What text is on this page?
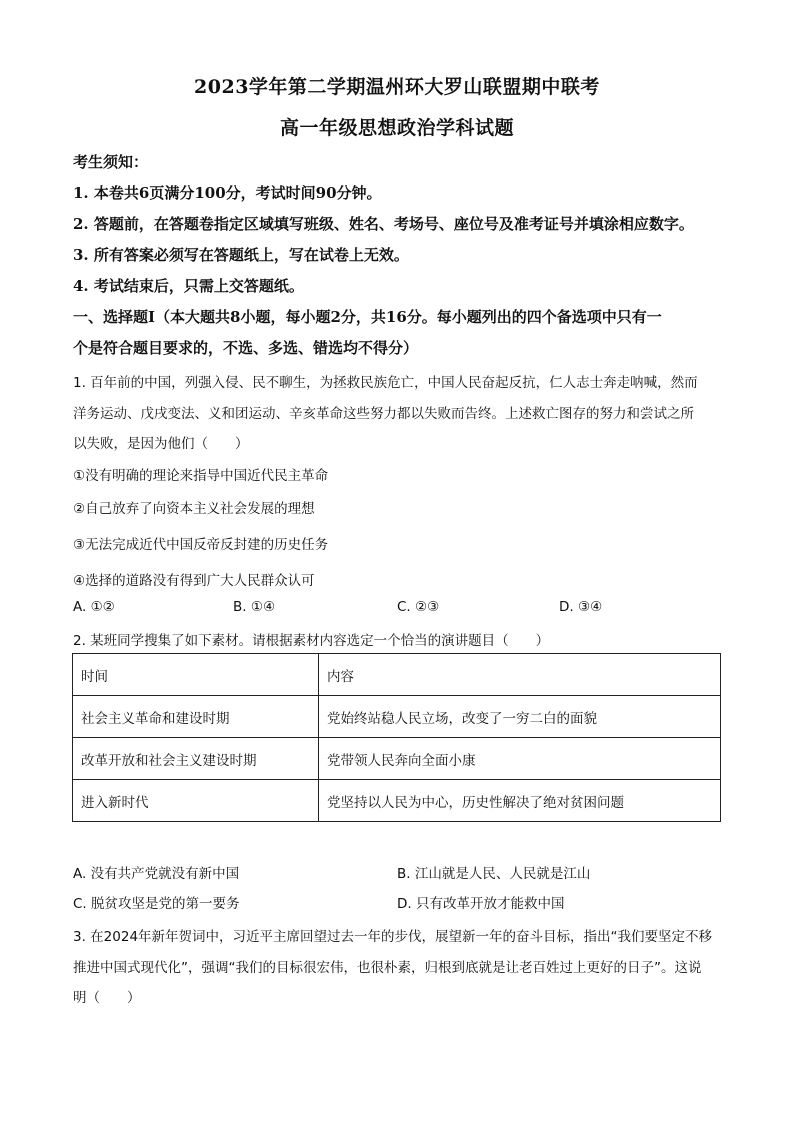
2023学年第二学期温州环大罗山联盟期中联考
高一年级思想政治学科试题
考生须知：
1. 本卷共6页满分100分，考试时间90分钟。
2. 答题前，在答题卷指定区域填写班级、姓名、考场号、座位号及准考证号并填涂相应数字。
3. 所有答案必须写在答题纸上，写在试卷上无效。
4. 考试结束后，只需上交答题纸。
一、选择题Ⅰ（本大题共8小题，每小题2分，共16分。每小题列出的四个备选项中只有一
个是符合题目要求的，不选、多选、错选均不得分）
1. 百年前的中国，列强入侵、民不聊生，为拯救民族危亡，中国人民奋起反抗，仁人志士奔走呐喊，然而
洋务运动、戊戌变法、义和团运动、辛亥革命这些努力都以失败而告终。上述救亡图存的努力和尝试之所
以失败，是因为他们（　　）
①没有明确的理论来指导中国近代民主革命
②自己放弃了向资本主义社会发展的理想
③无法完成近代中国反帝反封建的历史任务
④选择的道路没有得到广大人民群众认可
A. ①②	B. ①④	C. ②③	D. ③④
2. 某班同学搜集了如下素材。请根据素材内容选定一个恰当的演讲题目（　　）
时间	内容
社会主义革命和建设时期	党始终站稳人民立场，改变了一穷二白的面貌
改革开放和社会主义建设时期	党带领人民奔向全面小康
进入新时代	党坚持以人民为中心，历史性解决了绝对贫困问题
A. 没有共产党就没有新中国	B. 江山就是人民、人民就是江山
C. 脱贫攻坚是党的第一要务	D. 只有改革开放才能救中国
3. 在2024年新年贺词中，习近平主席回望过去一年的步伐，展望新一年的奋斗目标，指出“我们要坚定不移
推进中国式现代化”，强调“我们的目标很宏伟，也很朴素，归根到底就是让老百姓过上更好的日子”。这说
明（　　）
